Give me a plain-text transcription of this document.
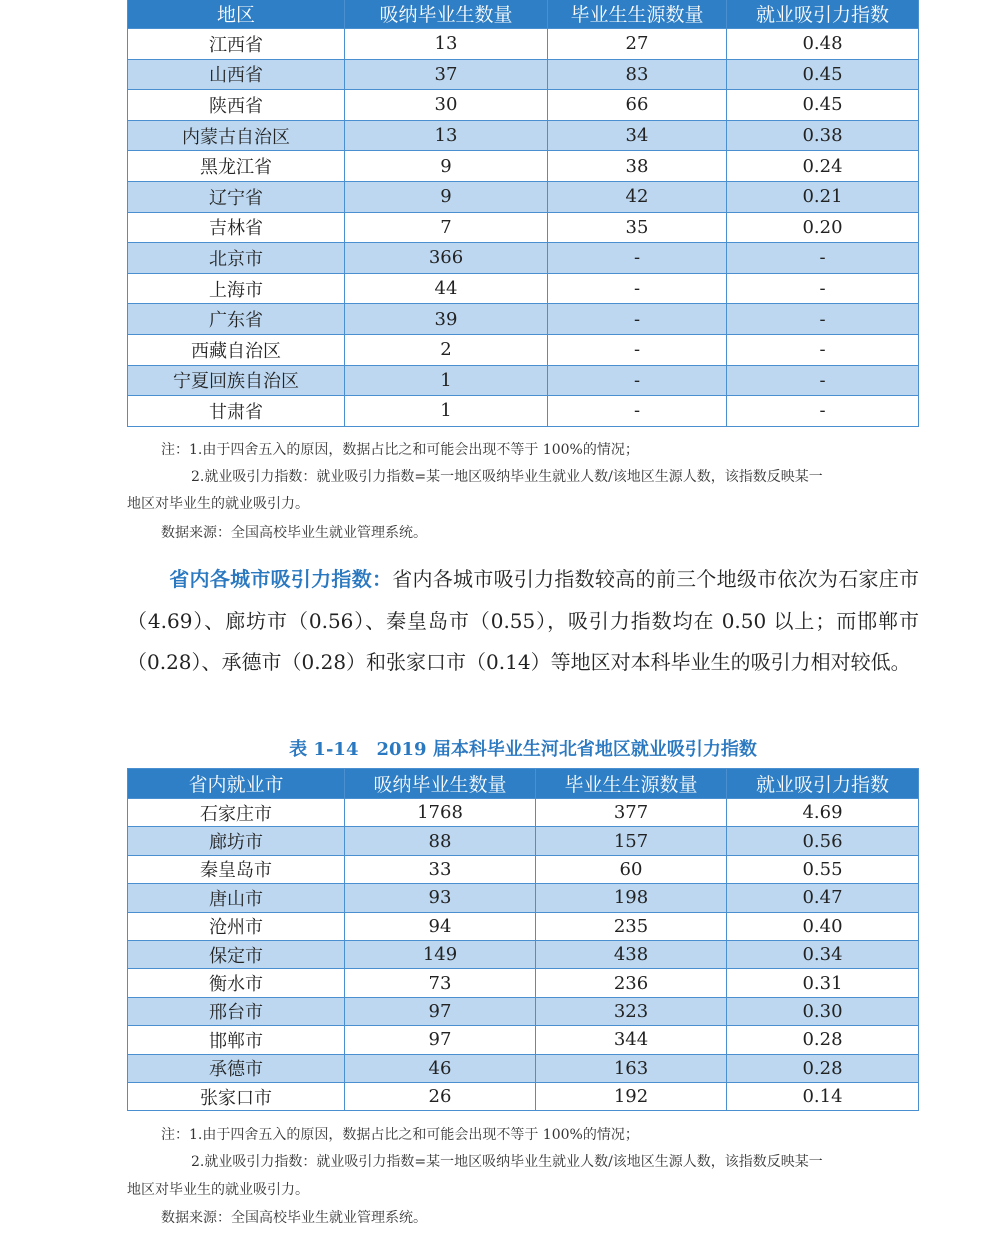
地区	吸纳毕业生数量	毕业生生源数量	就业吸引力指数
江西省	13	27	0.48
山西省	37	83	0.45
陕西省	30	66	0.45
内蒙古自治区	13	34	0.38
黑龙江省	9	38	0.24
辽宁省	9	42	0.21
吉林省	7	35	0.20
北京市	366	-	-
上海市	44	-	-
广东省	39	-	-
西藏自治区	2	-	-
宁夏回族自治区	1	-	-
甘肃省	1	-	-
注：1.由于四舍五入的原因，数据占比之和可能会出现不等于 100%的情况；
2.就业吸引力指数：就业吸引力指数=某一地区吸纳毕业生就业人数/该地区生源人数，该指数反映某一
地区对毕业生的就业吸引力。
数据来源：全国高校毕业生就业管理系统。
省内各城市吸引力指数：省内各城市吸引力指数较高的前三个地级市依次为石家庄市（4.69）、廊坊市（0.56）、秦皇岛市（0.55），吸引力指数均在 0.50 以上；而邯郸市（0.28）、承德市（0.28）和张家口市（0.14）等地区对本科毕业生的吸引力相对较低。
表 1-14　2019 届本科毕业生河北省地区就业吸引力指数
省内就业市	吸纳毕业生数量	毕业生生源数量	就业吸引力指数
石家庄市	1768	377	4.69
廊坊市	88	157	0.56
秦皇岛市	33	60	0.55
唐山市	93	198	0.47
沧州市	94	235	0.40
保定市	149	438	0.34
衡水市	73	236	0.31
邢台市	97	323	0.30
邯郸市	97	344	0.28
承德市	46	163	0.28
张家口市	26	192	0.14
注：1.由于四舍五入的原因，数据占比之和可能会出现不等于 100%的情况；
2.就业吸引力指数：就业吸引力指数=某一地区吸纳毕业生就业人数/该地区生源人数，该指数反映某一
地区对毕业生的就业吸引力。
数据来源：全国高校毕业生就业管理系统。
